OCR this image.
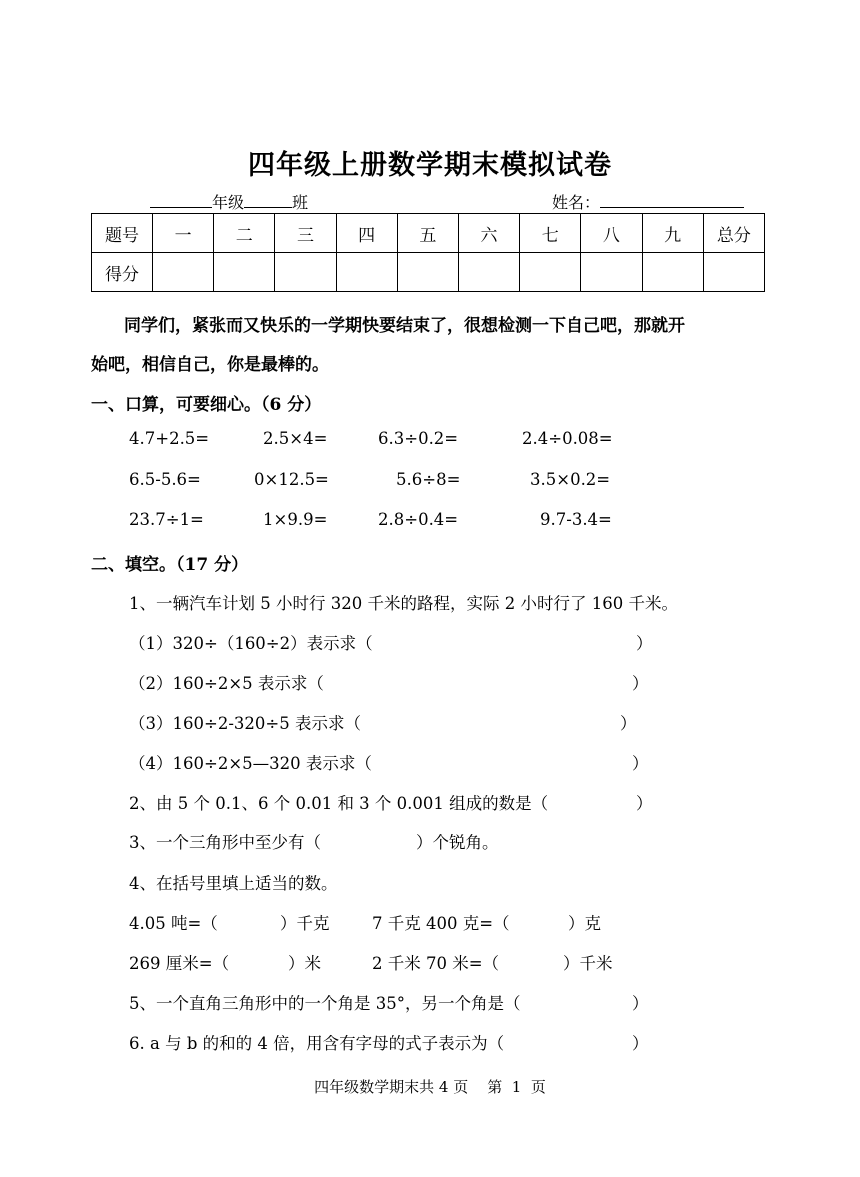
四年级上册数学期末模拟试卷
年级	班	姓名：
题号	一	二	三	四	五	六	七	八	九	总分
得分										
同学们，紧张而又快乐的一学期快要结束了，很想检测一下自己吧，那就开
始吧，相信自己，你是最棒的。
一、口算，可要细心。（6 分）
4.7+2.5=	2.5×4=	6.3÷0.2=	2.4÷0.08=
6.5-5.6=	0×12.5=	5.6÷8=	3.5×0.2=
23.7÷1=	1×9.9=	2.8÷0.4=	9.7-3.4=
二、填空。（17 分）
1、一辆汽车计划 5 小时行 320 千米的路程，实际 2 小时行了 160 千米。
（1）320÷（160÷2）表示求（	）
（2）160÷2×5 表示求（	）
（3）160÷2-320÷5 表示求（	）
（4）160÷2×5—320 表示求（	）
2、由 5 个 0.1、6 个 0.01 和 3 个 0.001 组成的数是（	）
3、一个三角形中至少有（	）个锐角。
4、在括号里填上适当的数。
4.05 吨=（	）千克	7 千克 400 克=（	）克
269 厘米=（	）米	2 千米 70 米=（	）千米
5、一个直角三角形中的一个角是 35°，另一个角是（	）
6. a 与 b 的和的 4 倍，用含有字母的式子表示为（	）
四年级数学期末共 4 页    第  1  页
